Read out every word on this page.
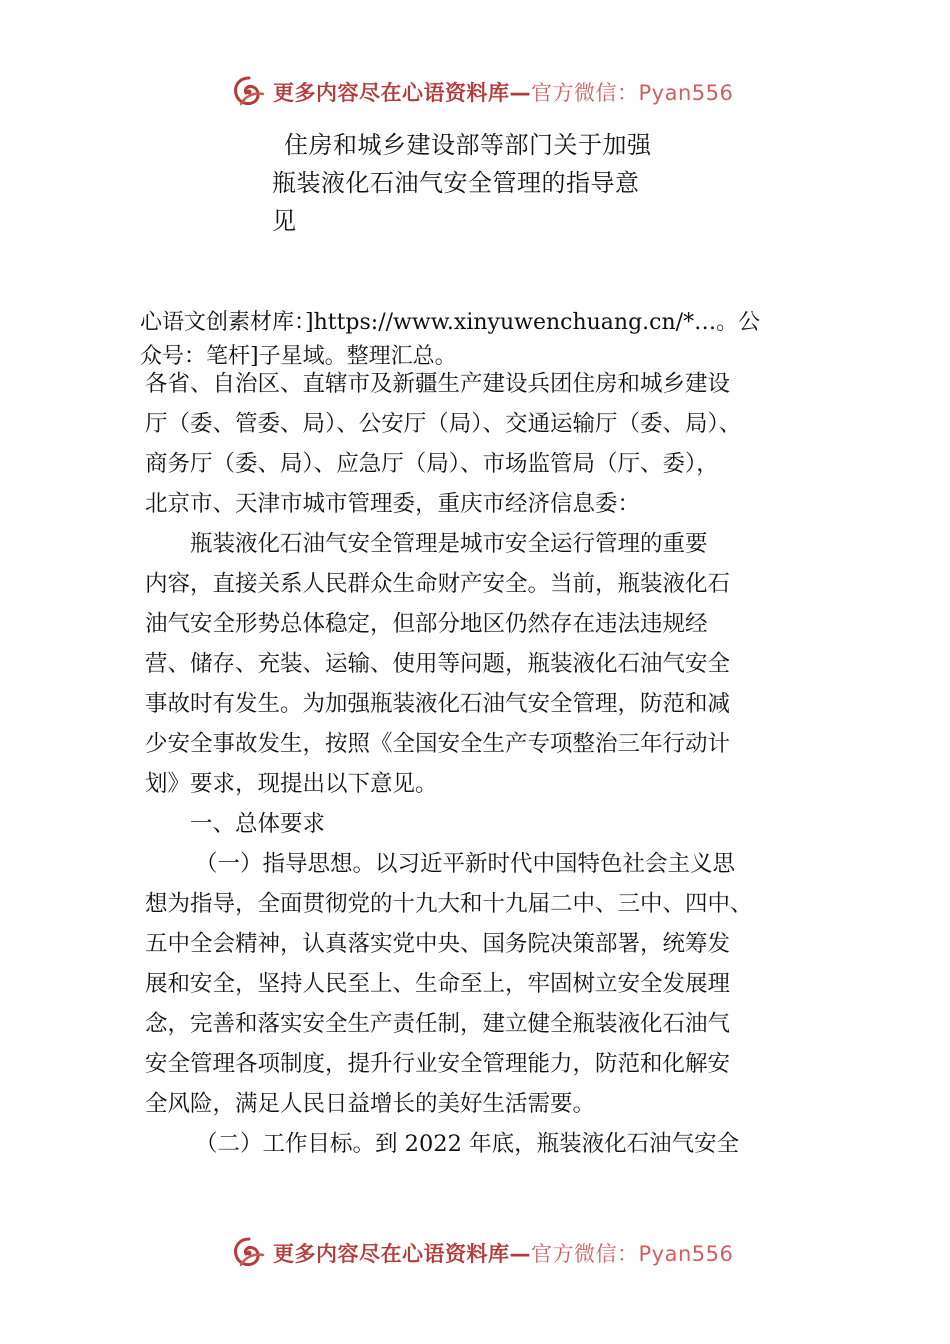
更多内容尽在心语资料库—官方微信：Pyan556
住房和城乡建设部等部门关于加强
瓶装液化石油气安全管理的指导意
见
心语文创素材库：]https://www.xinyuwenchuang.cn/*…。公
众号：笔杆]子星域。整理汇总。
各省、自治区、直辖市及新疆生产建设兵团住房和城乡建设
厅（委、管委、局）、公安厅（局）、交通运输厅（委、局）、
商务厅（委、局）、应急厅（局）、市场监管局（厅、委），
北京市、天津市城市管理委，重庆市经济信息委：
瓶装液化石油气安全管理是城市安全运行管理的重要
内容，直接关系人民群众生命财产安全。当前，瓶装液化石
油气安全形势总体稳定，但部分地区仍然存在违法违规经
营、储存、充装、运输、使用等问题，瓶装液化石油气安全
事故时有发生。为加强瓶装液化石油气安全管理，防范和减
少安全事故发生，按照《全国安全生产专项整治三年行动计
划》要求，现提出以下意见。
一、总体要求
（一）指导思想。以习近平新时代中国特色社会主义思
想为指导，全面贯彻党的十九大和十九届二中、三中、四中、
五中全会精神，认真落实党中央、国务院决策部署，统筹发
展和安全，坚持人民至上、生命至上，牢固树立安全发展理
念，完善和落实安全生产责任制，建立健全瓶装液化石油气
安全管理各项制度，提升行业安全管理能力，防范和化解安
全风险，满足人民日益增长的美好生活需要。
（二）工作目标。到 2022 年底，瓶装液化石油气安全
更多内容尽在心语资料库—官方微信：Pyan556
